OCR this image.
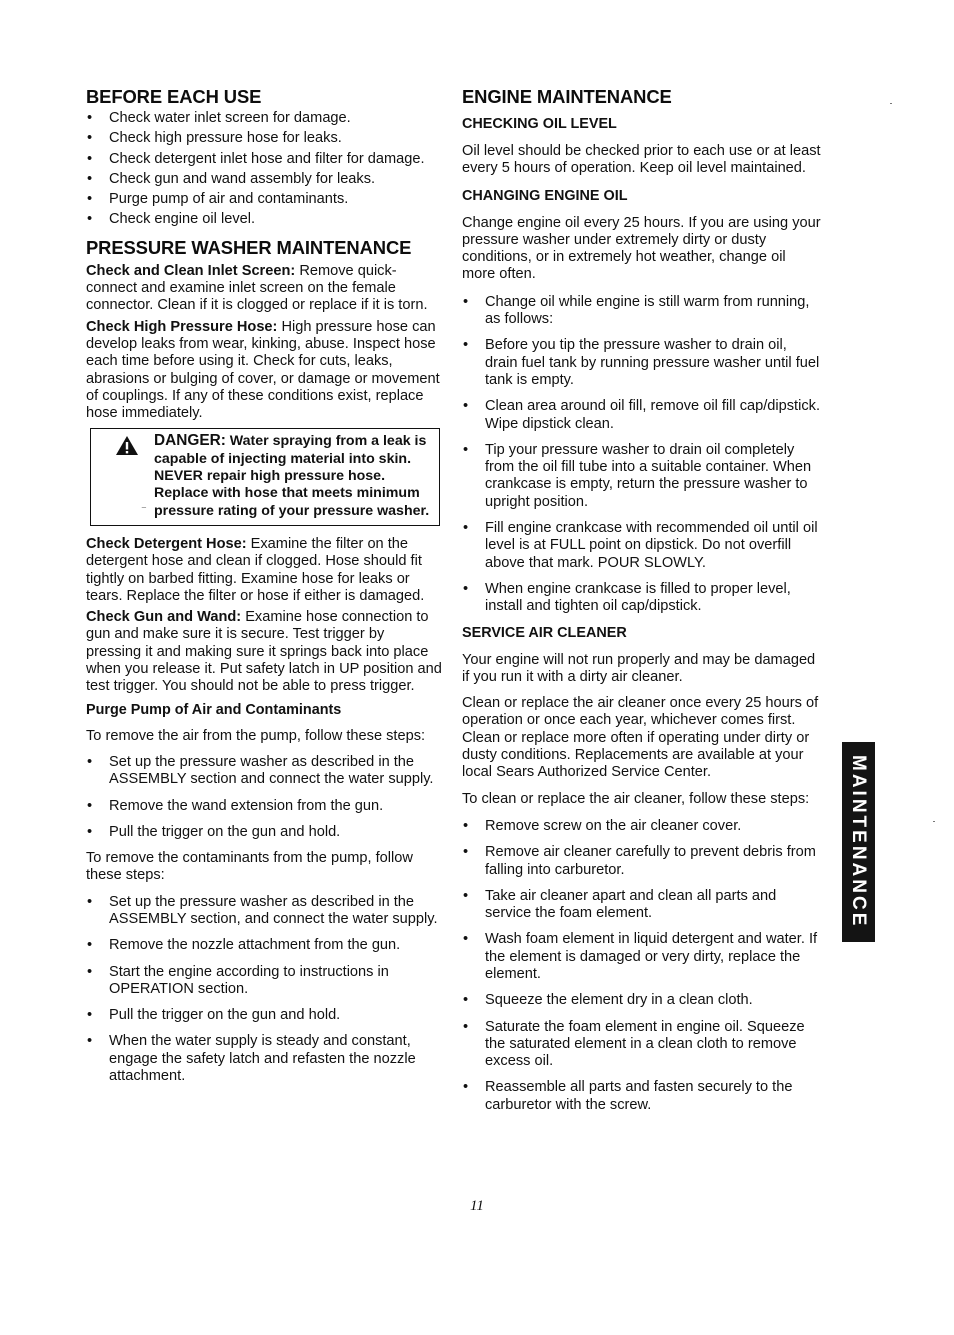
BEFORE EACH USE
• Check water inlet screen for damage.
• Check high pressure hose for leaks.
• Check detergent inlet hose and filter for damage.
• Check gun and wand assembly for leaks.
• Purge pump of air and contaminants.
• Check engine oil level.
PRESSURE WASHER MAINTENANCE

Check and Clean Inlet Screen: Remove quick-connect and examine inlet screen on the female connector. Clean if it is clogged or replace if it is torn.

Check High Pressure Hose: High pressure hose can develop leaks from wear, kinking, abuse. Inspect hose each time before using it. Check for cuts, leaks, abrasions or bulging of cover, or damage or movement of couplings. If any of these conditions exist, replace hose immediately.

DANGER: Water spraying from a leak is
capable of injecting material into skin. NEVER repair high pressure hose. Replace with hose that meets minimum pressure rating of your pressure washer.
⁻

Check Detergent Hose: Examine the filter on the detergent hose and clean if clogged. Hose should fit tightly on barbed fitting. Examine hose for leaks or tears. Replace the filter or hose if either is damaged.

Check Gun and Wand: Examine hose connection to gun and make sure it is secure. Test trigger by pressing it and making sure it springs back into place when you release it. Put safety latch in UP position and test trigger. You should not be able to press trigger.

Purge Pump of Air and Contaminants

To remove the air from the pump, follow these steps:

• Set up the pressure washer as described in the ASSEMBLY section and connect the water supply.
• Remove the wand extension from the gun.
• Pull the trigger on the gun and hold.

To remove the contaminants from the pump, follow these steps:

• Set up the pressure washer as described in the ASSEMBLY section, and connect the water supply.
• Remove the nozzle attachment from the gun.
• Start the engine according to instructions in OPERATION section.
• Pull the trigger on the gun and hold.
• When the water supply is steady and constant, engage the safety latch and refasten the nozzle attachment.
ENGINE MAINTENANCE
CHECKING OIL LEVEL

Oil level should be checked prior to each use or at least every 5 hours of operation. Keep oil level maintained.

CHANGING ENGINE OIL

Change engine oil every 25 hours. If you are using your pressure washer under extremely dirty or dusty conditions, or in extremely hot weather, change oil more often.

• Change oil while engine is still warm from running, as follows:
• Before you tip the pressure washer to drain oil, drain fuel tank by running pressure washer until fuel tank is empty.
• Clean area around oil fill, remove oil fill cap/dipstick. Wipe dipstick clean.
• Tip your pressure washer to drain oil completely from the oil fill tube into a suitable container. When crankcase is empty, return the pressure washer to upright position.
• Fill engine crankcase with recommended oil until oil level is at FULL point on dipstick. Do not overfill above that mark. POUR SLOWLY.
• When engine crankcase is filled to proper level, install and tighten oil cap/dipstick.
SERVICE AIR CLEANER

Your engine will not run properly and may be damaged if you run it with a dirty air cleaner.

Clean or replace the air cleaner once every 25 hours of operation or once each year, whichever comes first. Clean or replace more often if operating under dirty or dusty conditions. Replacements are available at your local Sears Authorized Service Center.

To clean or replace the air cleaner, follow these steps:

• Remove screw on the air cleaner cover.
• Remove air cleaner carefully to prevent debris from falling into carburetor.
• Take air cleaner apart and clean all parts and service the foam element.
• Wash foam element in liquid detergent and water. If the element is damaged or very dirty, replace the element.
• Squeeze the element dry in a clean cloth.
• Saturate the foam element in engine oil. Squeeze the saturated element in a clean cloth to remove excess oil.
• Reassemble all parts and fasten securely to the carburetor with the screw.
MAINTENANCE
11
